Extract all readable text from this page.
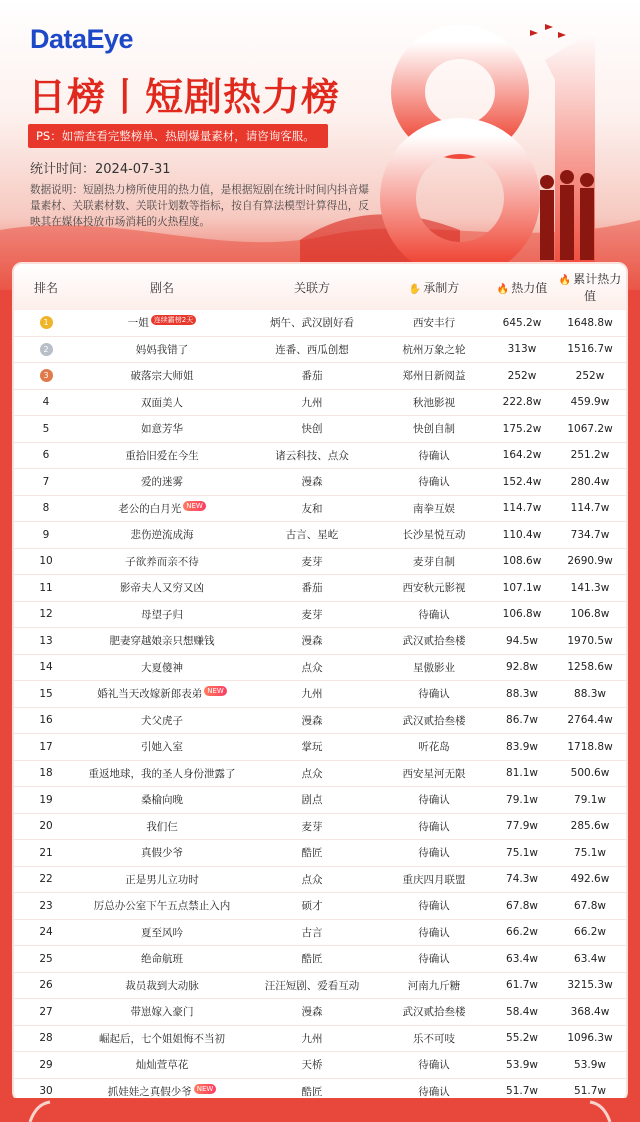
DataEye
日榜丨短剧热力榜
PS：如需查看完整榜单、热剧爆量素材，请咨询客服。
统计时间：2024-07-31
数据说明：短剧热力榜所使用的热力值，是根据短剧在统计时间内抖音爆量素材、关联素材数、关联计划数等指标，按自有算法模型计算得出，反映其在媒体投放市场消耗的火热程度。
排名	剧名	关联方	✋ 承制方	🔥 热力值	🔥 累计热力值
1	一姐 连续霸榜2天	炳午、武汉剧好看	西安丰行	645.2w	1648.8w
2	妈妈我错了	连番、西瓜创想	杭州万象之轮	313w	1516.7w
3	破落宗大师姐	番茄	郑州日新阅益	252w	252w
4	双面美人	九州	秋池影视	222.8w	459.9w
5	如意芳华	快创	快创自制	175.2w	1067.2w
6	重拾旧爱在今生	诸云科技、点众	待确认	164.2w	251.2w
7	爱的迷雾	漫森	待确认	152.4w	280.4w
8	老公的白月光 NEW	友和	南拳互娱	114.7w	114.7w
9	悲伤逆流成海	古言、星屹	长沙星悦互动	110.4w	734.7w
10	子欲养而亲不待	麦芽	麦芽自制	108.6w	2690.9w
11	影帝夫人又穷又凶	番茄	西安秋元影视	107.1w	141.3w
12	母望子归	麦芽	待确认	106.8w	106.8w
13	肥妻穿越娘亲只想赚钱	漫森	武汉贰拾叁楼	94.5w	1970.5w
14	大夏傻神	点众	星傲影业	92.8w	1258.6w
15	婚礼当天改嫁新郎表弟 NEW	九州	待确认	88.3w	88.3w
16	犬父虎子	漫森	武汉贰拾叁楼	86.7w	2764.4w
17	引她入室	掌玩	听花岛	83.9w	1718.8w
18	重返地球，我的圣人身份泄露了	点众	西安星河无限	81.1w	500.6w
19	桑榆向晚	剧点	待确认	79.1w	79.1w
20	我们仨	麦芽	待确认	77.9w	285.6w
21	真假少爷	酷匠	待确认	75.1w	75.1w
22	正是男儿立功时	点众	重庆四月联盟	74.3w	492.6w
23	厉总办公室下午五点禁止入内	硕才	待确认	67.8w	67.8w
24	夏至风吟	古言	待确认	66.2w	66.2w
25	绝命航班	酷匠	待确认	63.4w	63.4w
26	裁员裁到大动脉	汪汪短剧、爱看互动	河南九斤糖	61.7w	3215.3w
27	带崽嫁入豪门	漫森	武汉贰拾叁楼	58.4w	368.4w
28	崛起后，七个姐姐悔不当初	九州	乐不可吱	55.2w	1096.3w
29	灿灿萱草花	天桥	待确认	53.9w	53.9w
30	抓娃娃之真假少爷 NEW	酷匠	待确认	51.7w	51.7w
